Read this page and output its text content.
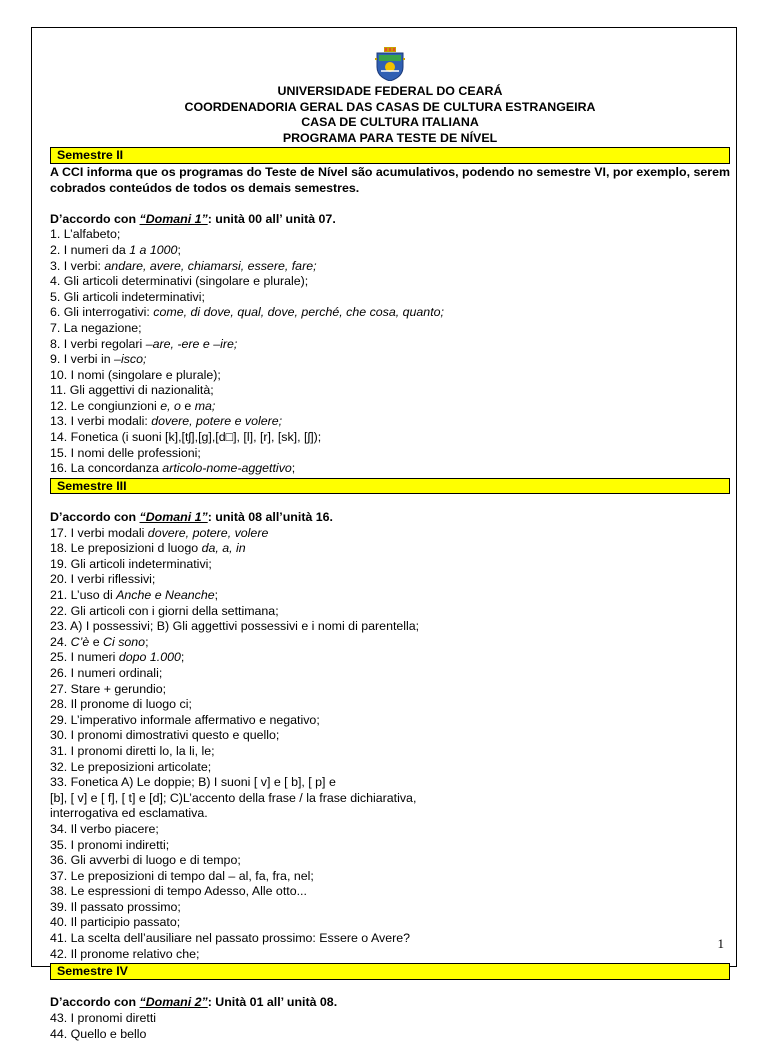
UNIVERSIDADE FEDERAL DO CEARÁ
COORDENADORIA GERAL DAS CASAS DE CULTURA ESTRANGEIRA
CASA DE CULTURA ITALIANA
PROGRAMA PARA TESTE DE NÍVEL
Semestre II
A CCI informa que os programas do Teste de Nível são acumulativos, podendo no semestre VI, por exemplo, serem cobrados conteúdos de todos os demais semestres.
D’accordo con “Domani 1”: unità 00 all’ unità 07.
1. L’alfabeto;
2. I numeri da 1 a 1000;
3. I verbi: andare, avere, chiamarsi, essere, fare;
4. Gli articoli determinativi (singolare e plurale);
5. Gli articoli indeterminativi;
6. Gli interrogativi: come, di dove, qual, dove, perché, che cosa, quanto;
7. La negazione;
8. I verbi regolari –are, -ere e –ire;
9. I verbi in –isco;
10. I nomi (singolare e plurale);
11. Gli aggettivi di nazionalità;
12. Le congiunzioni e, o e ma;
13. I verbi modali: dovere, potere e volere;
14. Fonetica (i suoni [k],[tʃ],[g],[d□], [l], [r], [sk], [ʃ]);
15. I nomi delle professioni;
16. La concordanza articolo-nome-aggettivo;
Semestre III
D’accordo con “Domani 1”: unità 08 all’unità 16.
17. I verbi modali dovere, potere, volere
18. Le preposizioni d luogo da, a, in
19. Gli articoli indeterminativi;
20. I verbi riflessivi;
21. L’uso di Anche e Neanche;
22. Gli articoli con i giorni della settimana;
23. A) I possessivi; B) Gli aggettivi possessivi e i nomi di parentella;
24. C’è e Ci sono;
25. I numeri dopo 1.000;
26. I numeri ordinali;
27. Stare + gerundio;
28. Il pronome di luogo ci;
29. L’imperativo informale affermativo e negativo;
30. I pronomi dimostrativi questo e quello;
31. I pronomi diretti lo, la li, le;
32. Le preposizioni articolate;
33. Fonetica A) Le doppie; B) I suoni [ v] e [ b], [ p] e
[b], [ v] e [ f], [ t] e [d]; C)L’accento della frase / la frase dichiarativa,
interrogativa ed esclamativa.
34. Il verbo piacere;
35. I pronomi indiretti;
36. Gli avverbi di luogo e di tempo;
37. Le preposizioni di tempo dal – al, fa, fra, nel;
38. Le espressioni di tempo Adesso, Alle otto...
39. Il passato prossimo;
40. Il participio passato;
41. La scelta dell’ausiliare nel passato prossimo: Essere o Avere?
42. Il pronome relativo che;
Semestre IV
D’accordo con “Domani 2”: Unità 01 all’ unità 08.
43. I pronomi diretti
44. Quello e bello
1
